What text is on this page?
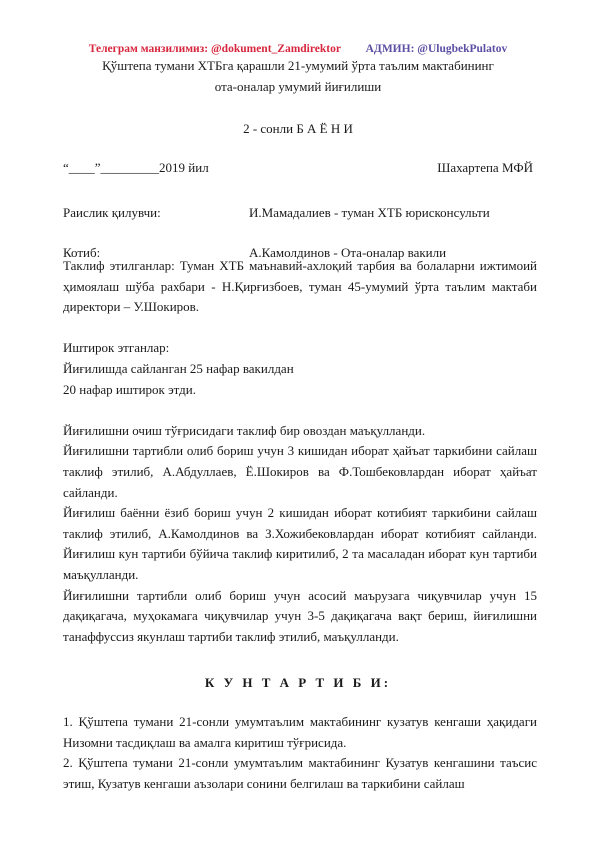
Телеграм манзилимиз: @dokument_Zamdirektor АДМИН: @UlugbekPulatov
Қўштепа тумани ХТБга қарашли 21-умумий ўрта таълим мактабининг
ота-оналар умумий йиғилиши
2 - сонли Б А Ё Н И
“____”_________2019 йил	Шахартепа МФЙ
Раислик қилувчи:	И.Мамадалиев - туман ХТБ юрисконсульти
Котиб:	А.Камолдинов - Ота-оналар вакили

Таклиф этилганлар: Туман ХТБ маънавий-ахлоқий тарбия ва болаларни ижтимоий ҳимоялаш шўба рахбари - Н.Қирғизбоев, туман 45-умумий ўрта таълим мактаби директори – У.Шокиров.

Иштирок этганлар:

Йиғилишда сайланган 25 нафар вакилдан

20 нафар иштирок этди.

Йиғилишни очиш тўғрисидаги таклиф бир овоздан маъқулланди.

Йиғилишни тартибли олиб бориш учун 3 кишидан иборат ҳайъат таркибини сайлаш таклиф этилиб, А.Абдуллаев, Ё.Шокиров ва Ф.Тошбековлардан иборат ҳайъат сайланди.

Йиғилиш баённи ёзиб бориш учун 2 кишидан иборат котибият таркибини сайлаш таклиф этилиб, А.Камолдинов ва З.Хожибековлардан иборат котибият сайланди. Йиғилиш кун тартиби бўйича таклиф киритилиб, 2 та масаладан иборат кун тартиби маъқулланди.

Йиғилишни тартибли олиб бориш учун асосий маърузага чиқувчилар учун 15 дақиқагача, муҳокамага чиқувчилар учун 3-5 дақиқагача вақт бериш, йиғилишни танаффуссиз якунлаш тартиби таклиф этилиб, маъқулланди.

К У Н Т А Р Т И Б И:

1. Қўштепа тумани 21-сонли умумтаълим мактабининг кузатув кенгаши ҳақидаги Низомни тасдиқлаш ва амалга киритиш тўғрисида.

2. Қўштепа тумани 21-сонли умумтаълим мактабининг Кузатув кенгашини таъсис этиш, Кузатув кенгаши аъзолари сонини белгилаш ва таркибини сайлаш
